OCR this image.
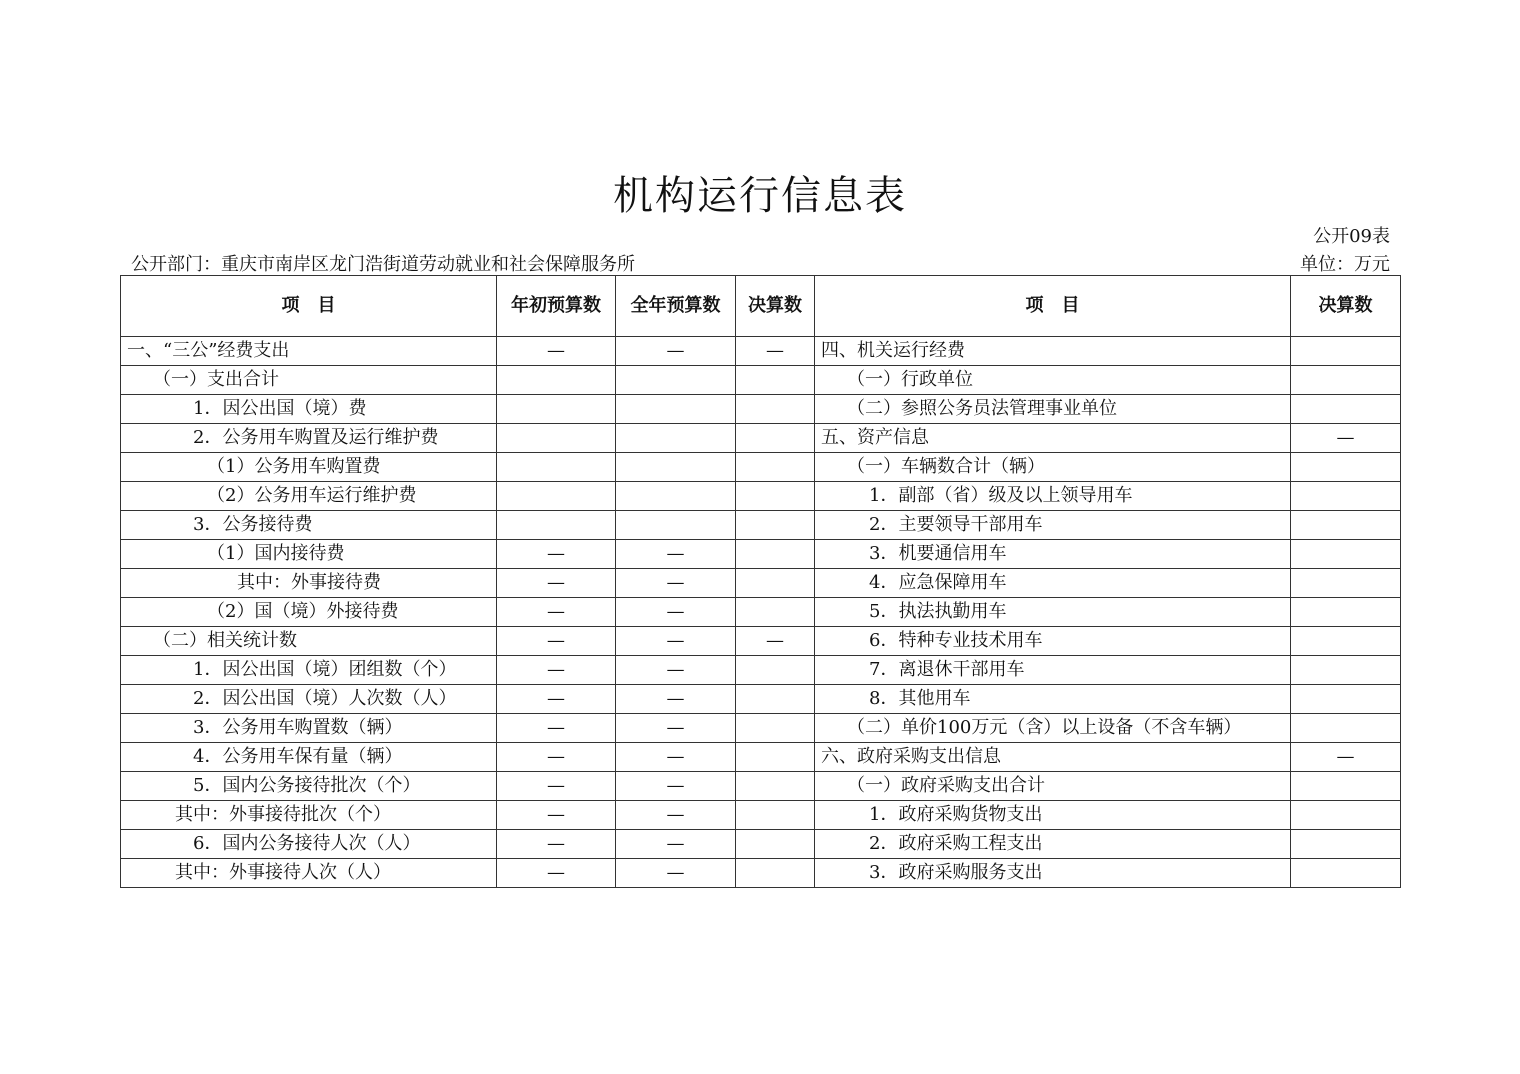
机构运行信息表
公开09表
公开部门：重庆市南岸区龙门浩街道劳动就业和社会保障服务所	单位：万元
项　目	年初预算数	全年预算数	决算数	项　目	决算数
一、“三公”经费支出	—	—	—	四、机关运行经费	
（一）支出合计				（一）行政单位	
1．因公出国（境）费				（二）参照公务员法管理事业单位	
2．公务用车购置及运行维护费				五、资产信息	—
（1）公务用车购置费				（一）车辆数合计（辆）	
（2）公务用车运行维护费				1．副部（省）级及以上领导用车	
3．公务接待费				2．主要领导干部用车	
（1）国内接待费	—	—		3．机要通信用车	
其中：外事接待费	—	—		4．应急保障用车	
（2）国（境）外接待费	—	—		5．执法执勤用车	
（二）相关统计数	—	—	—	6．特种专业技术用车	
1．因公出国（境）团组数（个）	—	—		7．离退休干部用车	
2．因公出国（境）人次数（人）	—	—		8．其他用车	
3．公务用车购置数（辆）	—	—		（二）单价100万元（含）以上设备（不含车辆）	
4．公务用车保有量（辆）	—	—		六、政府采购支出信息	—
5．国内公务接待批次（个）	—	—		（一）政府采购支出合计	
其中：外事接待批次（个）	—	—		1．政府采购货物支出	
6．国内公务接待人次（人）	—	—		2．政府采购工程支出	
其中：外事接待人次（人）	—	—		3．政府采购服务支出	
